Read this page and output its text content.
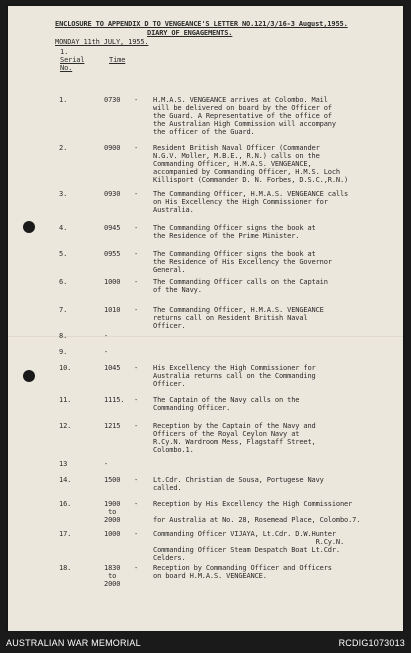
ENCLOSURE TO APPENDIX D TO VENGEANCE'S LETTER NO.121/3/16-3 August,1955.
DIARY OF ENGAGEMENTS.
MONDAY 11th JULY, 1955.
1.
Serial
No.
Time
1.	0730 - H.M.A.S. VENGEANCE arrives at Colombo. Mail
will be delivered on board by the Officer of
the Guard. A Representative of the office of
the Australian High Commission will accompany
the officer of the Guard.
2.	0900 - Resident British Naval Officer (Commander
N.G.V. Moller, M.B.E., R.N.) calls on the
Commanding Officer, H.M.A.S. VENGEANCE,
accompanied by Commanding Officer, H.M.S. Loch
Killisport (Commander D. N. Forbes, D.S.C.,R.N.)
3.	0930 - The Commanding Officer, H.M.A.S. VENGEANCE calls
on His Excellency the High Commissioner for
Australia.
4.	0945 - The Commanding Officer signs the book at
the Residence of the Prime Minister.
5.	0955 - The Commanding Officer signs the book at
the Residence of His Excellency the Governor
General.
6.	1000 - The Commanding Officer calls on the Captain
of the Navy.
7.	1010 - The Commanding Officer, H.M.A.S. VENGEANCE
returns call on Resident British Naval
Officer.
8.	-
9.	-
10.	1045 - His Excellency the High Commissioner for
Australia returns call on the Commanding
Officer.
11.	1115. - The Captain of the Navy calls on the
Commanding Officer.
12.	1215 - Reception by the Captain of the Navy and
Officers of the Royal Ceylon Navy at
R.Cy.N. Wardroom Mess, Flagstaff Street,
Colombo.1.
13	-
14.	1500 - Lt.Cdr. Christian de Sousa, Portugese Navy
called.
16.	1900
to
2000
- Reception by His Excellency the High Commissioner

for Australia at No. 28, Rosemead Place, Colombo.7.
17.	1000 - Commanding Officer VIJAYA, Lt.Cdr. D.W.Hunter
R.Cy.N.
Commanding Officer Steam Despatch Boat Lt.Cdr.
Celders.
18.	1830
to
2000
- Reception by Commanding Officer and Officers
on board H.M.A.S. VENGEANCE.
AUSTRALIAN WAR MEMORIAL	RCDIG1073013
